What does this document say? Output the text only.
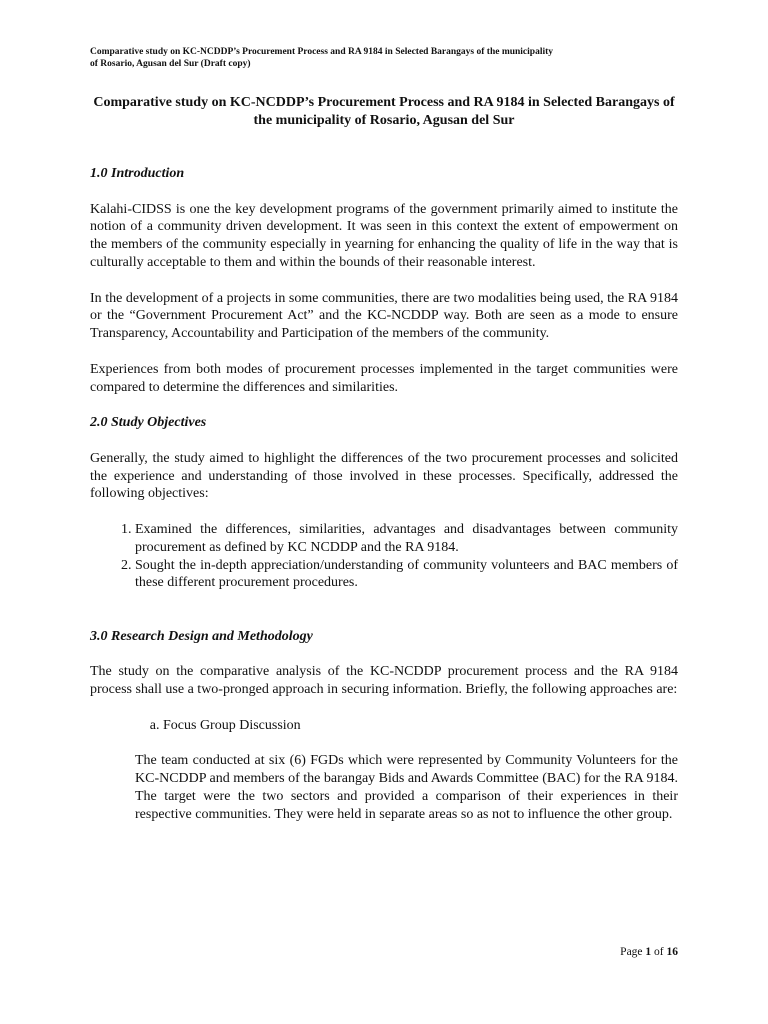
Comparative study on KC-NCDDP’s Procurement Process and RA 9184 in Selected Barangays of the municipality of Rosario, Agusan del Sur (Draft copy)
Comparative study on KC-NCDDP’s Procurement Process and RA 9184 in Selected Barangays of the municipality of Rosario, Agusan del Sur
1.0 Introduction

Kalahi-CIDSS is one the key development programs of the government primarily aimed to institute the notion of a community driven development. It was seen in this context the extent of empowerment on the members of the community especially in yearning for enhancing the quality of life in the way that is culturally acceptable to them and within the bounds of their reasonable interest.

In the development of a projects in some communities, there are two modalities being used, the RA 9184 or the “Government Procurement Act” and the KC-NCDDP way. Both are seen as a mode to ensure Transparency, Accountability and Participation of the members of the community.

Experiences from both modes of procurement processes implemented in the target communities were compared to determine the differences and similarities.

2.0 Study Objectives

Generally, the study aimed to highlight the differences of the two procurement processes and solicited the experience and understanding of those involved in these processes. Specifically, addressed the following objectives:

1. Examined the differences, similarities, advantages and disadvantages between community procurement as defined by KC NCDDP and the RA 9184.
2. Sought the in-depth appreciation/understanding of community volunteers and BAC members of these different procurement procedures.
3.0 Research Design and Methodology

The study on the comparative analysis of the KC-NCDDP procurement process and the RA 9184 process shall use a two-pronged approach in securing information. Briefly, the following approaches are:

a. Focus Group Discussion

The team conducted at six (6) FGDs which were represented by Community Volunteers for the KC-NCDDP and members of the barangay Bids and Awards Committee (BAC) for the RA 9184. The target were the two sectors and provided a comparison of their experiences in their respective communities. They were held in separate areas so as not to influence the other group.

Page 1 of 16
